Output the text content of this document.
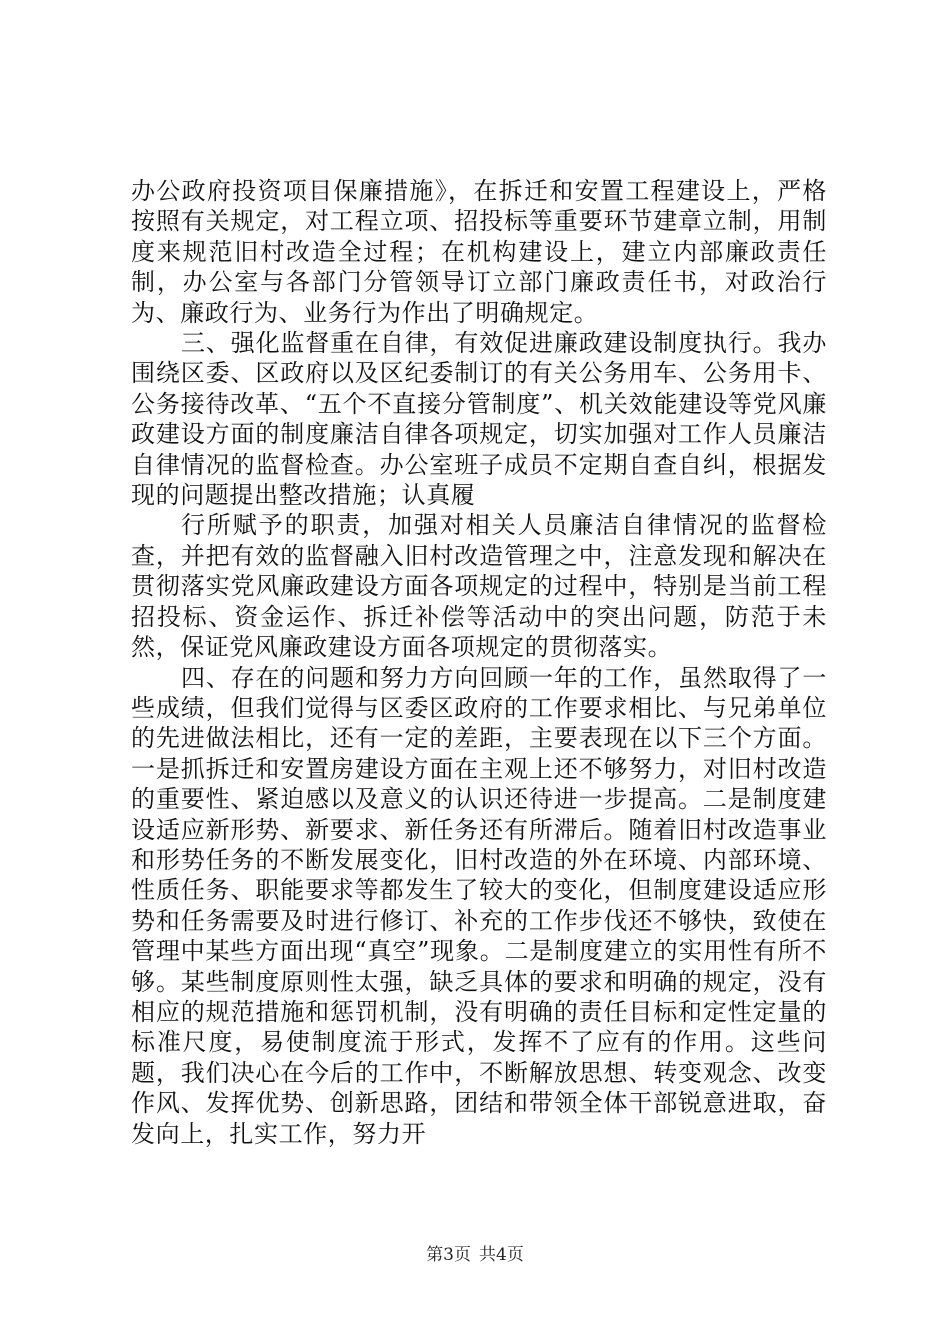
办公政府投资项目保廉措施》，在拆迁和安置工程建设上，严格按照有关规定，对工程立项、招投标等重要环节建章立制，用制度来规范旧村改造全过程；在机构建设上，建立内部廉政责任制，办公室与各部门分管领导订立部门廉政责任书，对政治行为、廉政行为、业务行为作出了明确规定。

三、强化监督重在自律，有效促进廉政建设制度执行。我办围绕区委、区政府以及区纪委制订的有关公务用车、公务用卡、公务接待改革、“五个不直接分管制度”、机关效能建设等党风廉政建设方面的制度廉洁自律各项规定，切实加强对工作人员廉洁自律情况的监督检查。办公室班子成员不定期自查自纠，根据发现的问题提出整改措施；认真履

行所赋予的职责，加强对相关人员廉洁自律情况的监督检查，并把有效的监督融入旧村改造管理之中，注意发现和解决在贯彻落实党风廉政建设方面各项规定的过程中，特别是当前工程招投标、资金运作、拆迁补偿等活动中的突出问题，防范于未然，保证党风廉政建设方面各项规定的贯彻落实。

四、存在的问题和努力方向回顾一年的工作，虽然取得了一些成绩，但我们觉得与区委区政府的工作要求相比、与兄弟单位的先进做法相比，还有一定的差距，主要表现在以下三个方面。一是抓拆迁和安置房建设方面在主观上还不够努力，对旧村改造的重要性、紧迫感以及意义的认识还待进一步提高。二是制度建设适应新形势、新要求、新任务还有所滞后。随着旧村改造事业和形势任务的不断发展变化，旧村改造的外在环境、内部环境、性质任务、职能要求等都发生了较大的变化，但制度建设适应形势和任务需要及时进行修订、补充的工作步伐还不够快，致使在管理中某些方面出现“真空”现象。二是制度建立的实用性有所不够。某些制度原则性太强，缺乏具体的要求和明确的规定，没有相应的规范措施和惩罚机制，没有明确的责任目标和定性定量的标准尺度，易使制度流于形式，发挥不了应有的作用。这些问题，我们决心在今后的工作中，不断解放思想、转变观念、改变作风、发挥优势、创新思路，团结和带领全体干部锐意进取，奋发向上，扎实工作，努力开

第3页 共4页
